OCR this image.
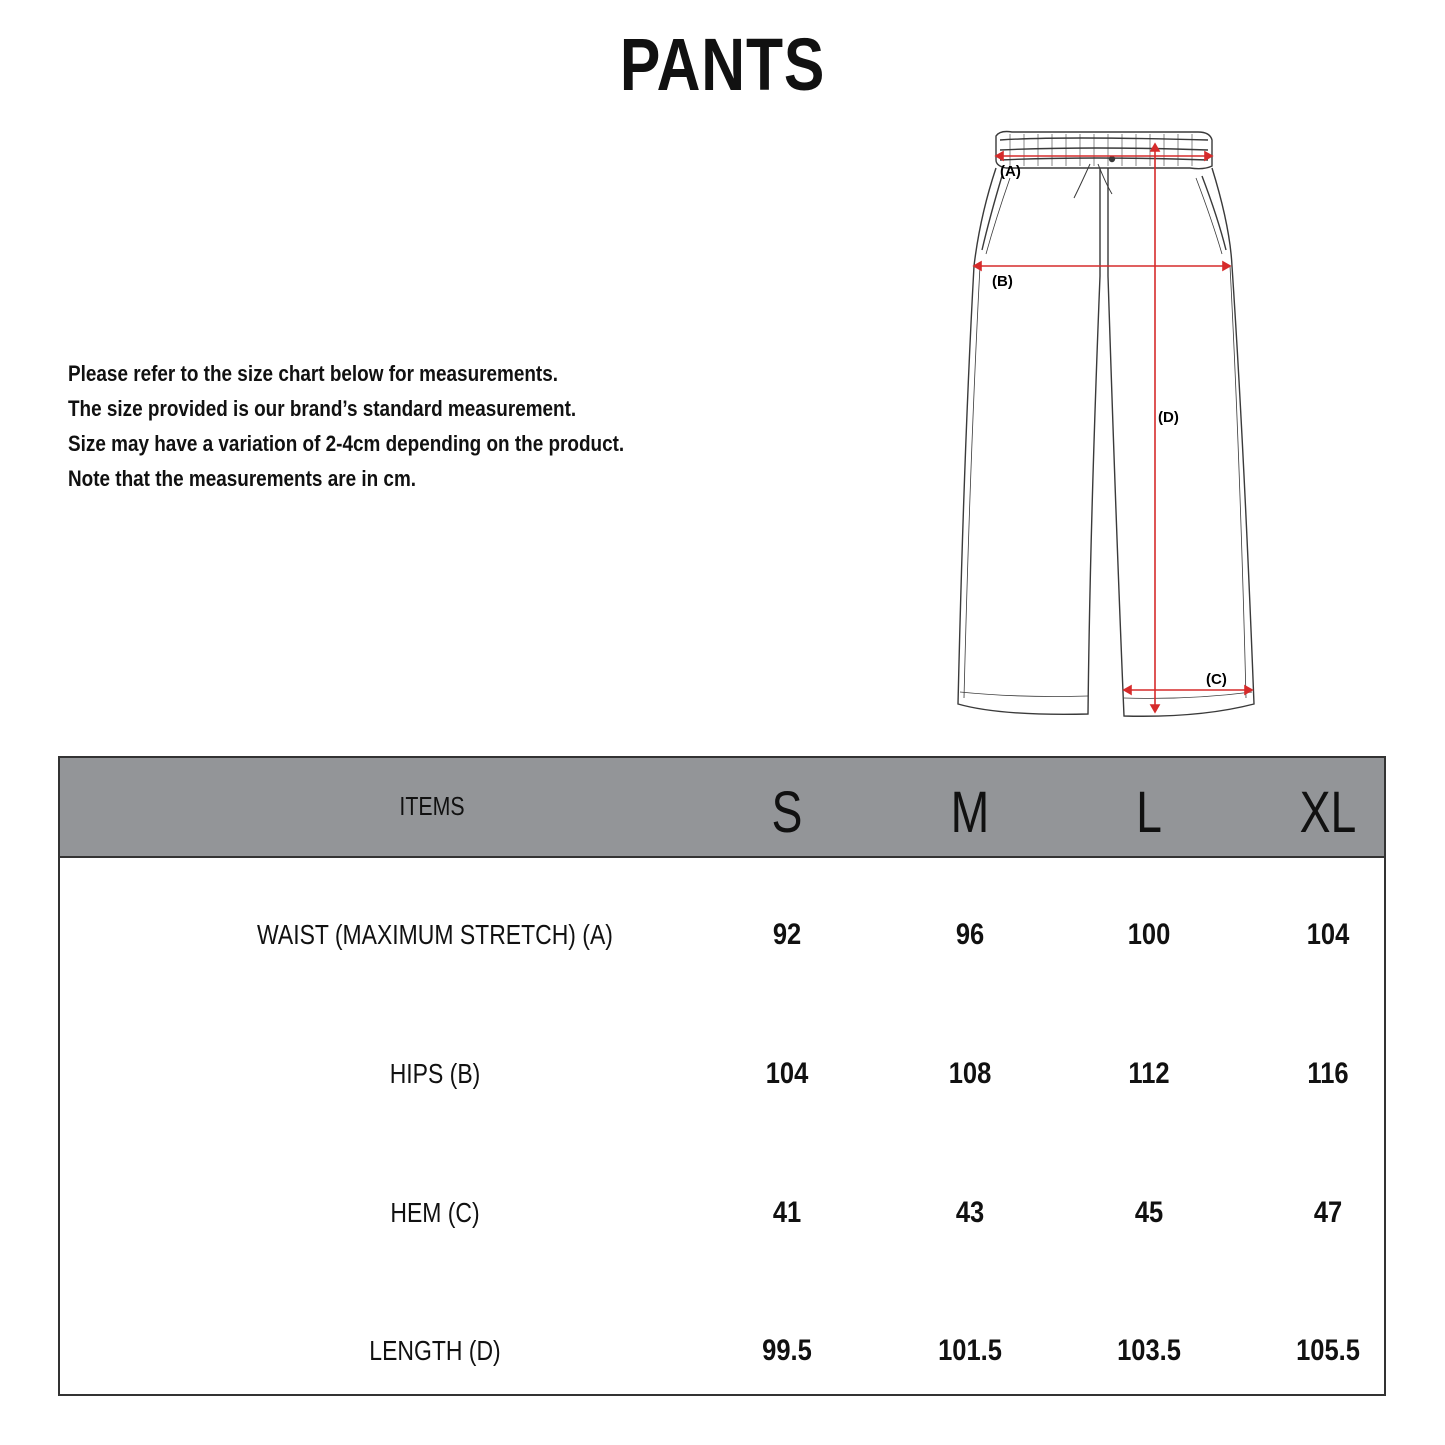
PANTS
Please refer to the size chart below for measurements.
The size provided is our brand’s standard measurement.
Size may have a variation of 2-4cm depending on the product.
Note that the measurements are in cm.
(A)
(B)
(D)
(C)
ITEMS	S	M	L	XL
WAIST (MAXIMUM STRETCH) (A)	92	96	100	104
HIPS (B)	104	108	112	116
HEM (C)	41	43	45	47
LENGTH (D)	99.5	101.5	103.5	105.5
